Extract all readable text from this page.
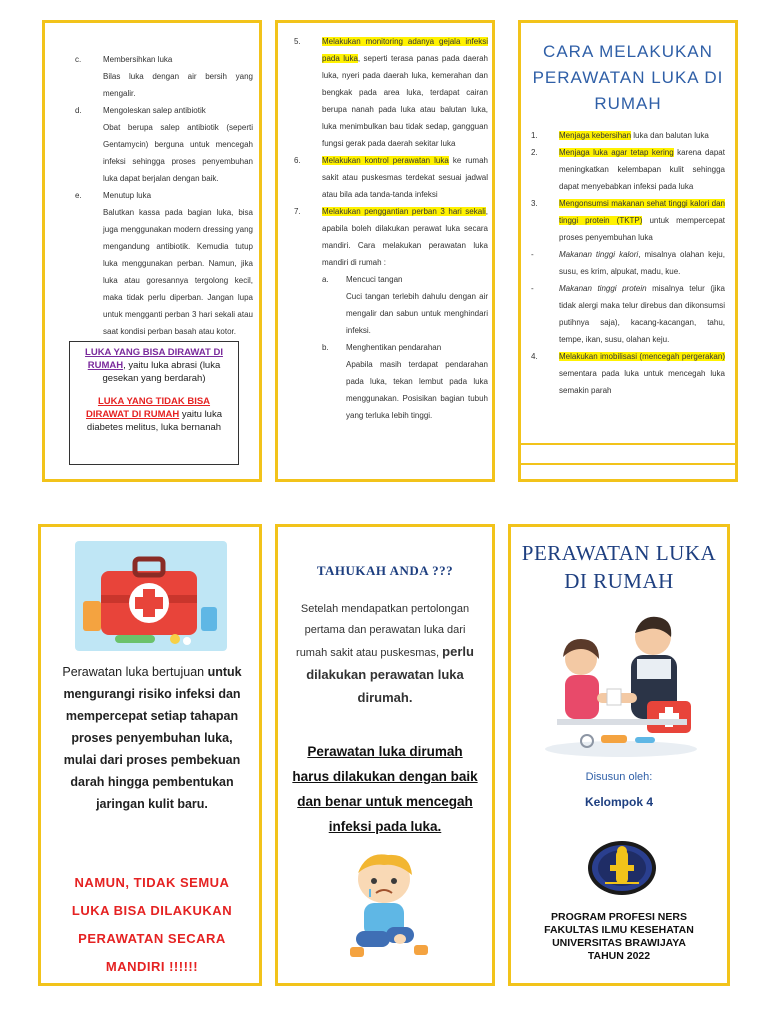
c.	Membersihkan luka
Bilas luka dengan air bersih yang mengalir.
d.	Mengoleskan salep antibiotik
Obat berupa salep antibiotik (seperti Gentamycin) berguna untuk mencegah infeksi sehingga proses penyembuhan luka dapat berjalan dengan baik.
e.	Menutup luka
Balutkan kassa pada bagian luka, bisa juga menggunakan modern dressing yang mengandung antibiotik. Kemudia tutup luka menggunakan perban. Namun, jika luka atau goresannya tergolong kecil, maka tidak perlu diperban. Jangan lupa untuk mengganti perban 3 hari sekali atau saat kondisi perban basah atau kotor.
LUKA YANG BISA DIRAWAT DI RUMAH, yaitu luka abrasi (luka gesekan yang berdarah)
LUKA YANG TIDAK BISA DIRAWAT DI RUMAH yaitu luka diabetes melitus, luka bernanah
5.	Melakukan monitoring adanya gejala infeksi pada luka, seperti terasa panas pada daerah luka, nyeri pada daerah luka, kemerahan dan bengkak pada area luka, terdapat cairan berupa nanah pada luka atau balutan luka, luka menimbulkan bau tidak sedap, gangguan fungsi gerak pada daerah sekitar luka
6.	Melakukan kontrol perawatan luka ke rumah sakit atau puskesmas terdekat sesuai jadwal atau bila ada tanda-tanda infeksi
7.	Melakukan penggantian perban 3 hari sekali, apabila boleh dilakukan perawat luka secara mandiri. Cara melakukan perawatan luka mandiri di rumah :
a. Mencuci tangan
Cuci tangan terlebih dahulu dengan air mengalir dan sabun untuk menghindari infeksi.
b. Menghentikan pendarahan
Apabila masih terdapat pendarahan pada luka, tekan lembut pada luka menggunakan. Posisikan bagian tubuh yang terluka lebih tinggi.
CARA MELAKUKAN PERAWATAN LUKA DI RUMAH
1.	Menjaga kebersihan luka dan balutan luka
2.	Menjaga luka agar tetap kering karena dapat meningkatkan kelembapan kulit sehingga dapat menyebabkan infeksi pada luka
3.	Mengonsumsi makanan sehat tinggi kalori dan tinggi protein (TKTP) untuk mempercepat proses penyembuhan luka
-	Makanan tinggi kalori, misalnya olahan keju, susu, es krim, alpukat, madu, kue.
-	Makanan tinggi protein misalnya telur (jika tidak alergi maka telur direbus dan dikonsumsi putihnya saja), kacang-kacangan, tahu, tempe, ikan, susu, olahan keju.
4.	Melakukan imobilisasi (mencegah pergerakan) sementara pada luka untuk mencegah luka semakin parah
Perawatan luka bertujuan untuk mengurangi risiko infeksi dan mempercepat setiap tahapan proses penyembuhan luka, mulai dari proses pembekuan darah hingga pembentukan jaringan kulit baru.
NAMUN, TIDAK SEMUA LUKA BISA DILAKUKAN PERAWATAN SECARA MANDIRI !!!!!!
TAHUKAH ANDA ???
Setelah mendapatkan pertolongan pertama dan perawatan luka dari rumah sakit atau puskesmas, perlu dilakukan perawatan luka dirumah.
Perawatan luka dirumah harus dilakukan dengan baik dan benar untuk mencegah infeksi pada luka.
PERAWATAN LUKA DI RUMAH
Disusun oleh:
Kelompok 4
PROGRAM PROFESI NERS
FAKULTAS ILMU KESEHATAN
UNIVERSITAS BRAWIJAYA
TAHUN 2022
